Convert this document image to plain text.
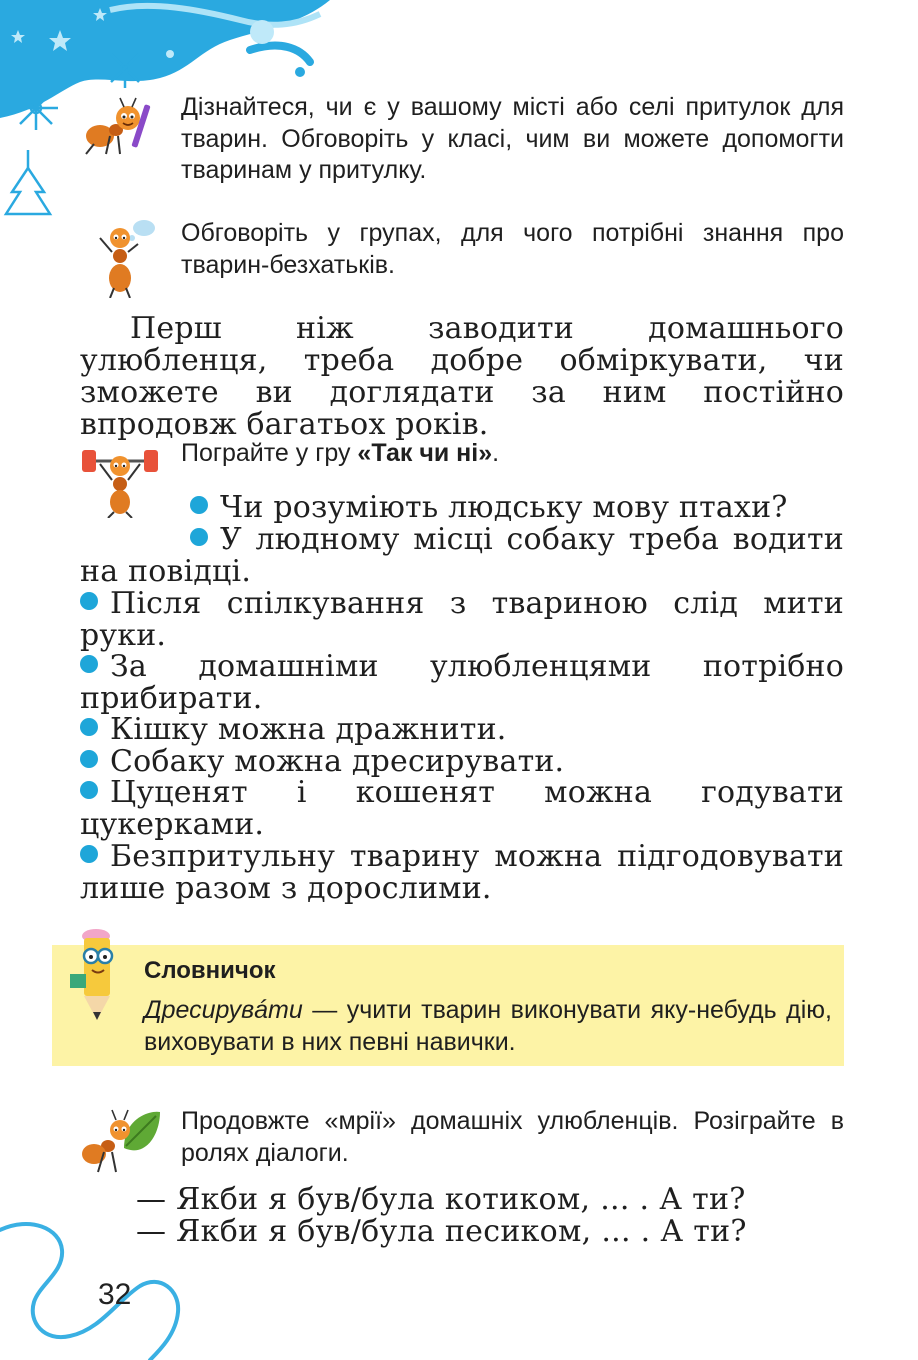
Дізнайтеся, чи є у вашому місті або селі притулок для тварин. Обговоріть у класі, чим ви можете допомогти тваринам у притулку.
Обговоріть у групах, для чого потрібні знання про тварин-безхатьків.

Перш ніж заводити домашнього улюбленця, треба добре обміркувати, чи зможете ви доглядати за ним постійно впродовж багатьох років.

Пограйте у гру «Так чи ні».
Чи розуміють людську мову птахи?
У людному місці собаку треба водити на повідці.
Після спілкування з твариною слід мити руки.
За домашніми улюбленцями потрібно прибирати.
Кішку можна дражнити.
Собаку можна дресирувати.
Цуценят і кошенят можна годувати цукерками.
Безпритульну тварину можна підгодовувати лише разом з дорослими.
Словничок
Дресирувáти — учити тварин виконувати яку-небудь дію, виховувати в них певні навички.
Продовжте «мрії» домашніх улюбленців. Розіграйте в ролях діалоги.
— Якби я був/була котиком, ... . А ти?
— Якби я був/була песиком, ... . А ти?
32
